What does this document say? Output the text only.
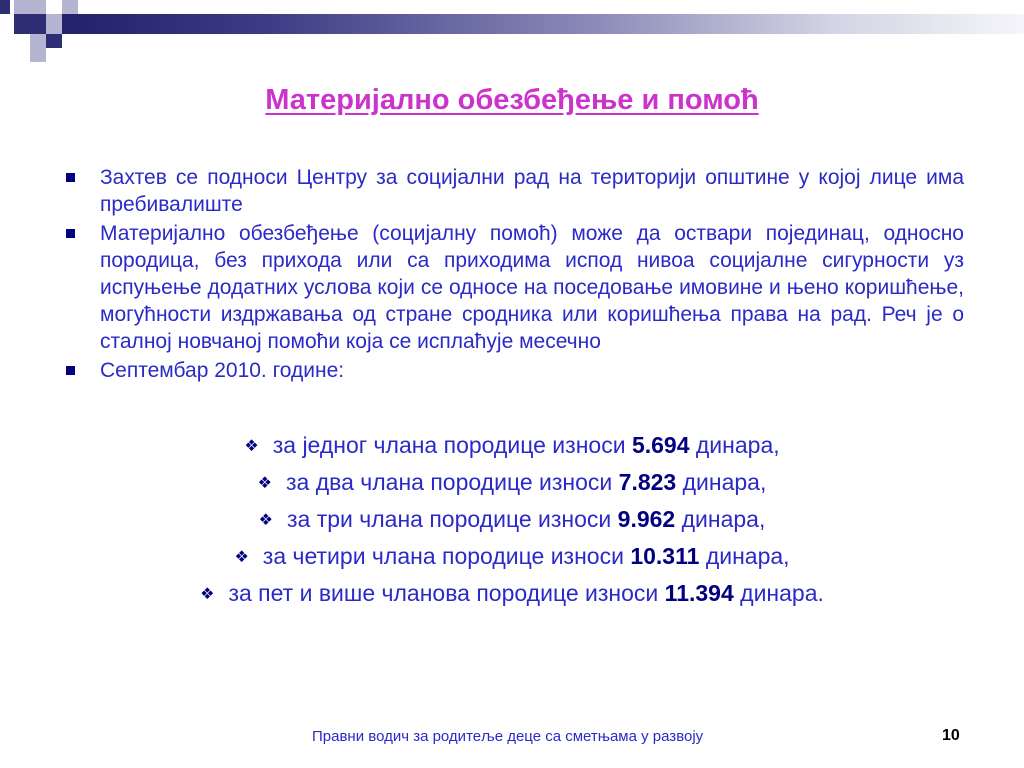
Материјално обезбеђење и помоћ
Захтев се подноси Центру за социјални рад на територији општине у којој лице има пребивалиште
Материјално обезбеђење (социјалну помоћ) може да оствари појединац, односно породица, без прихода или са приходима испод нивоа социјалне сигурности уз испуњење додатних услова који се односе на поседовање имовине и њено коришћење, могућности издржавања од стране сродника или коришћења права на рад. Реч је о сталној новчаној помоћи која се исплаћује месечно
Септембар 2010. године:
❖ за једног члана породице износи
5.694
динара,
❖ за два члана породице износи
7.823
динара,
❖ за три члана породице износи
9.962
динара,
❖ за четири члана породице износи
10.311
динара,
❖ за пет и више чланова породице износи
11.394
динара.
Правни водич за родитеље деце са сметњама у развоју	10
